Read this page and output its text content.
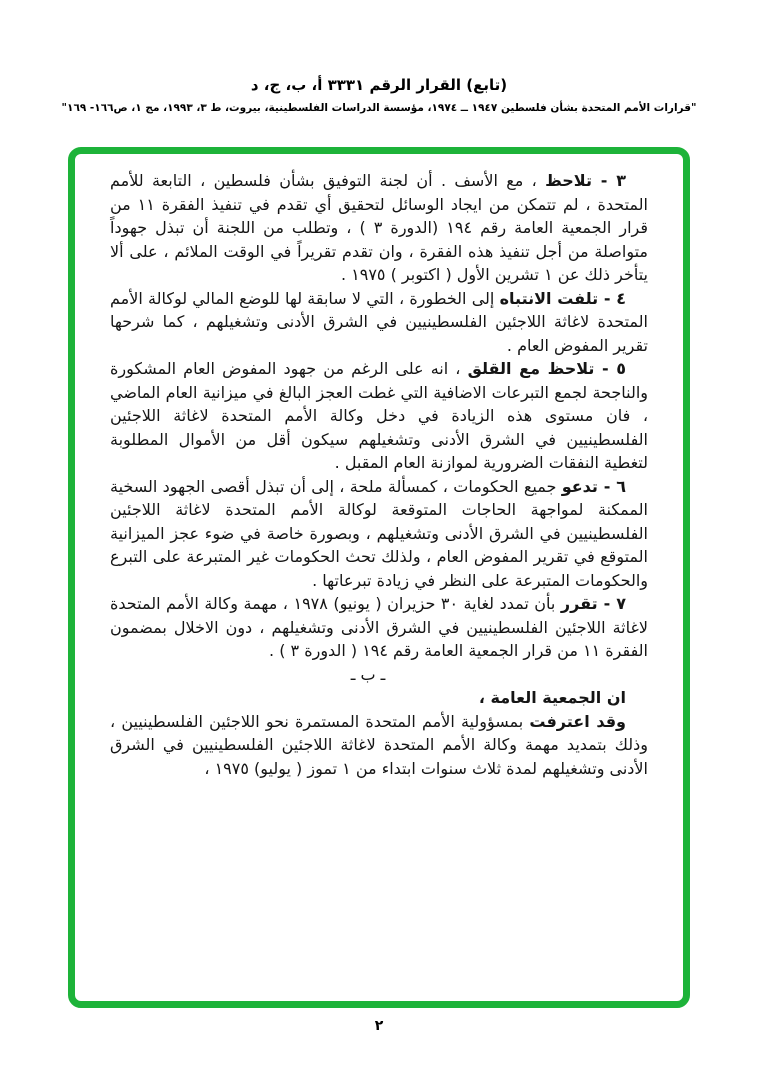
(تابع) القرار الرقم ٣٣٣١ أ، ب، ج، د
"قرارات الأمم المتحدة بشأن فلسطين ١٩٤٧ ــ ١٩٧٤، مؤسسة الدراسات الفلسطينية، بيروت، ط ٣، ١٩٩٣، مج ١، ص١٦٦- ١٦٩"

٣ - تلاحظ ، مع الأسف . أن لجنة التوفيق بشأن فلسطين ، التابعة للأمم المتحدة ، لم تتمكن من ايجاد الوسائل لتحقيق أي تقدم في تنفيذ الفقرة ١١ من قرار الجمعية العامة رقم ١٩٤ (الدورة ٣ ) ، وتطلب من اللجنة أن تبذل جهوداً متواصلة من أجل تنفيذ هذه الفقرة ، وان تقدم تقريراً في الوقت الملائم ، على ألا يتأخر ذلك عن ١ تشرين الأول ( اكتوبر ) ١٩٧٥ .

٤ - تلفت الانتباه إلى الخطورة ، التي لا سابقة لها للوضع المالي لوكالة الأمم المتحدة لاغاثة اللاجئين الفلسطينيين في الشرق الأدنى وتشغيلهم ، كما شرحها تقرير المفوض العام .

٥ - تلاحظ مع القلق ، انه على الرغم من جهود المفوض العام المشكورة والناجحة لجمع التبرعات الاضافية التي غطت العجز البالغ في ميزانية العام الماضي ، فان مستوى هذه الزيادة في دخل وكالة الأمم المتحدة لاغاثة اللاجئين الفلسطينيين في الشرق الأدنى وتشغيلهم سيكون أقل من الأموال المطلوبة لتغطية النفقات الضرورية لموازنة العام المقبل .

٦ - تدعو جميع الحكومات ، كمسألة ملحة ، إلى أن تبذل أقصى الجهود السخية الممكنة لمواجهة الحاجات المتوقعة لوكالة الأمم المتحدة لاغاثة اللاجئين الفلسطينيين في الشرق الأدنى وتشغيلهم ، وبصورة خاصة في ضوء عجز الميزانية المتوقع في تقرير المفوض العام ، ولذلك تحث الحكومات غير المتبرعة على التبرع والحكومات المتبرعة على النظر في زيادة تبرعاتها .

٧ - تقرر بأن تمدد لغاية ٣٠ حزيران ( يونيو) ١٩٧٨ ، مهمة وكالة الأمم المتحدة لاغاثة اللاجئين الفلسطينيين في الشرق الأدنى وتشغيلهم ، دون الاخلال بمضمون الفقرة ١١ من قرار الجمعية العامة رقم ١٩٤ ( الدورة ٣ ) .

ـ ب ـ

ان الجمعية العامة ،

وقد اعترفت بمسؤولية الأمم المتحدة المستمرة نحو اللاجئين الفلسطينيين ، وذلك بتمديد مهمة وكالة الأمم المتحدة لاغاثة اللاجئين الفلسطينيين في الشرق الأدنى وتشغيلهم لمدة ثلاث سنوات ابتداء من ١ تموز ( يوليو) ١٩٧٥ ،

٢
